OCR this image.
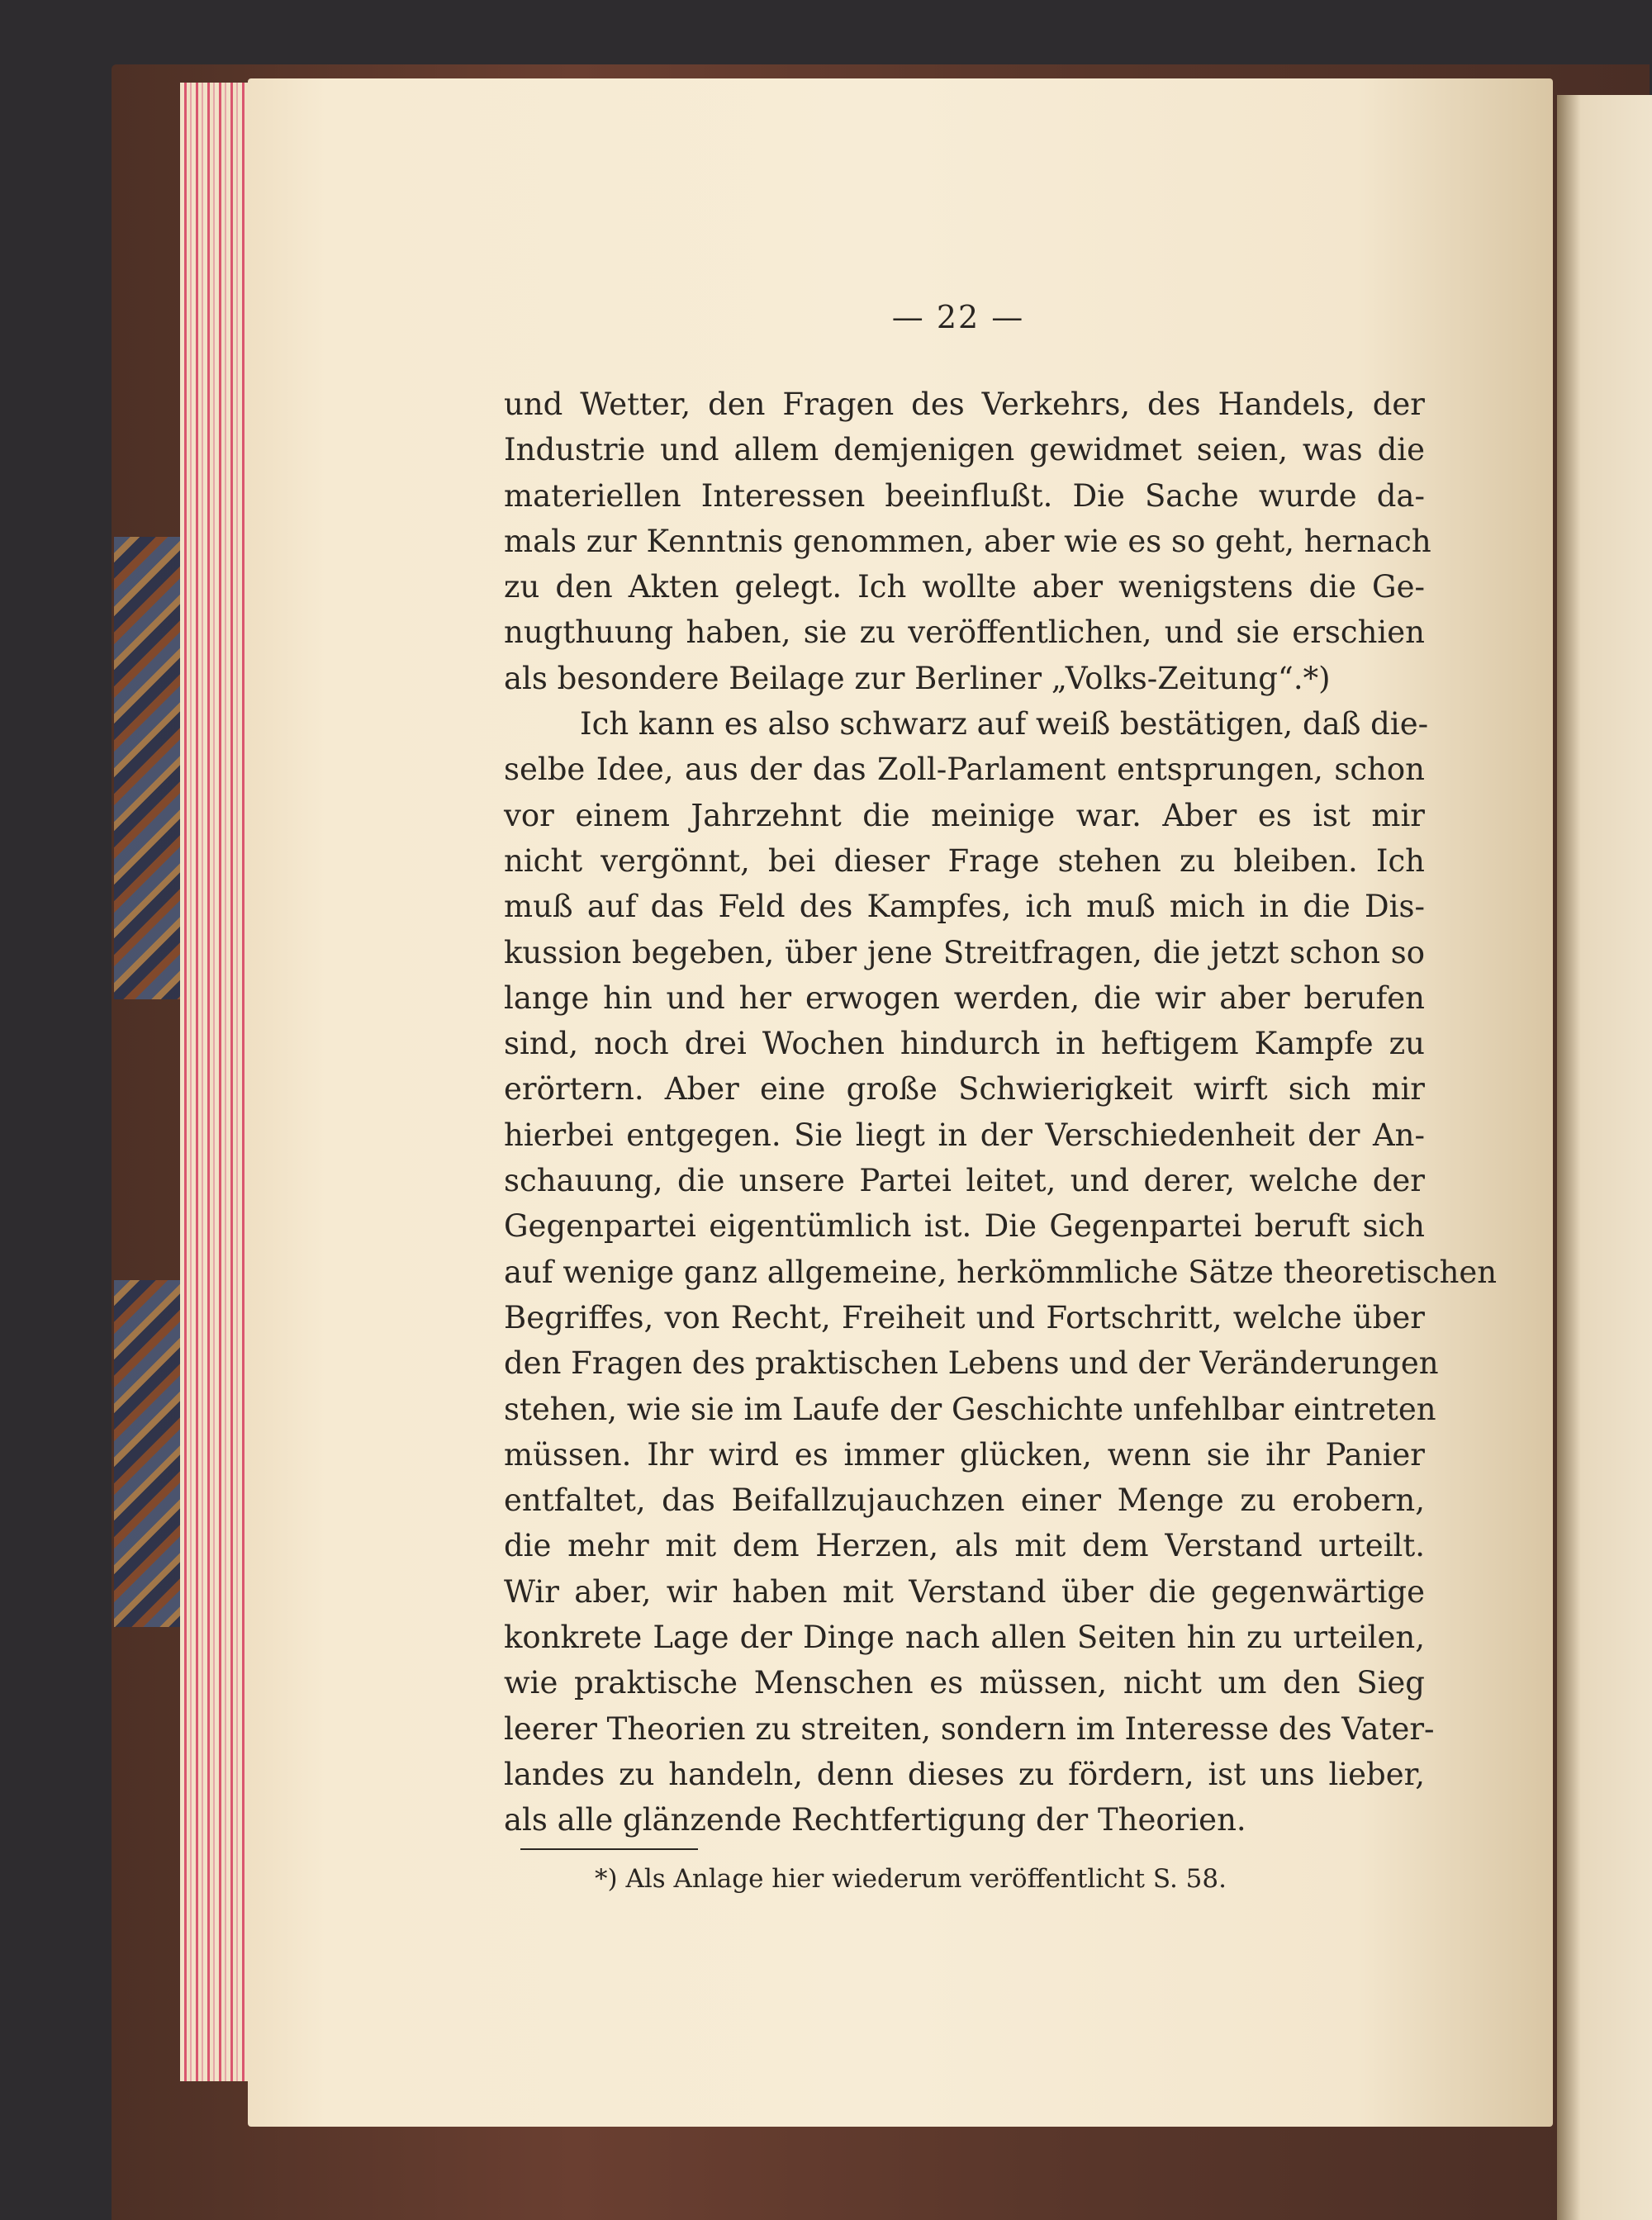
— 22 —
und Wetter, den Fragen des Verkehrs, des Handels, der
Industrie und allem demjenigen gewidmet seien, was die
materiellen Interessen beeinflußt. Die Sache wurde da-
mals zur Kenntnis genommen, aber wie es so geht, hernach
zu den Akten gelegt. Ich wollte aber wenigstens die Ge-
nugthuung haben, sie zu veröffentlichen, und sie erschien
als besondere Beilage zur Berliner „Volks-Zeitung“.*)
Ich kann es also schwarz auf weiß bestätigen, daß die-
selbe Idee, aus der das Zoll-Parlament entsprungen, schon
vor einem Jahrzehnt die meinige war. Aber es ist mir
nicht vergönnt, bei dieser Frage stehen zu bleiben. Ich
muß auf das Feld des Kampfes, ich muß mich in die Dis-
kussion begeben, über jene Streitfragen, die jetzt schon so
lange hin und her erwogen werden, die wir aber berufen
sind, noch drei Wochen hindurch in heftigem Kampfe zu
erörtern. Aber eine große Schwierigkeit wirft sich mir
hierbei entgegen. Sie liegt in der Verschiedenheit der An-
schauung, die unsere Partei leitet, und derer, welche der
Gegenpartei eigentümlich ist. Die Gegenpartei beruft sich
auf wenige ganz allgemeine, herkömmliche Sätze theoretischen
Begriffes, von Recht, Freiheit und Fortschritt, welche über
den Fragen des praktischen Lebens und der Veränderungen
stehen, wie sie im Laufe der Geschichte unfehlbar eintreten
müssen. Ihr wird es immer glücken, wenn sie ihr Panier
entfaltet, das Beifallzujauchzen einer Menge zu erobern,
die mehr mit dem Herzen, als mit dem Verstand urteilt.
Wir aber, wir haben mit Verstand über die gegenwärtige
konkrete Lage der Dinge nach allen Seiten hin zu urteilen,
wie praktische Menschen es müssen, nicht um den Sieg
leerer Theorien zu streiten, sondern im Interesse des Vater-
landes zu handeln, denn dieses zu fördern, ist uns lieber,
als alle glänzende Rechtfertigung der Theorien.
*) Als Anlage hier wiederum veröffentlicht S. 58.
